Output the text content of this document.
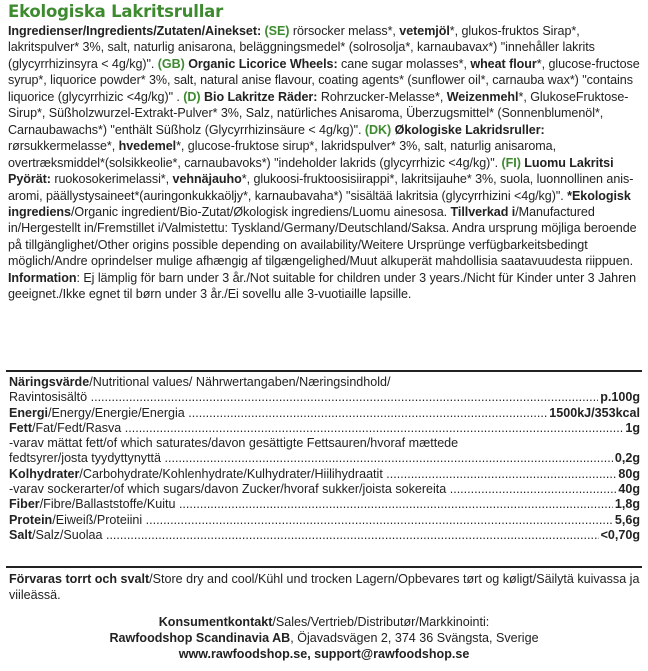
Ekologiska Lakritsrullar

Ingredienser/Ingredients/Zutaten/Ainekset: (SE) rörsocker melass*, vetemjöl*, glukos-fruktos Sirap*, lakritspulver* 3%, salt, naturlig anisarona, beläggningsmedel* (solrosolja*, karnaubavax*) "innehåller lakrits (glycyrrhizinsyra < 4g/kg)". (GB) Organic Licorice Wheels: cane sugar molasses*, wheat flour*, glucose-fructose syrup*, liquorice powder* 3%, salt, natural anise flavour, coating agents* (sunflower oil*, carnauba wax*) "contains liquorice (glycyrrhizic <4g/kg)" . (D) Bio Lakritze Räder: Rohrzucker-Melasse*, Weizenmehl*, GlukoseFruktose-Sirup*, Süßholzwurzel-Extrakt-Pulver* 3%, Salz, natürliches Anisaroma, Überzugsmittel* (Sonnenblumenöl*, Carnaubawachs*) "enthält Süßholz (Glycyrrhizinsäure < 4g/kg)". (DK) Økologiske Lakridsruller: rørsukkermelasse*, hvedemel*, glucose-fruktose sirup*, lakridspulver* 3%, salt, naturlig anisaroma, overtræksmiddel*(solsikkeolie*, carnaubavoks*) "indeholder lakrids (glycyrrhizic <4g/kg)". (FI) Luomu Lakritsi Pyörät: ruokosokerimelassi*, vehnäjauho*, glukoosi-fruktoosisiirappi*, lakritsijauhe* 3%, suola, luonnollinen anis-aromi, päällystysaineet*(auringonkukkaöljy*, karnaubavaha*) "sisältää lakritsia (glycyrrhizini <4g/kg)". *Ekologisk ingrediens/Organic ingredient/Bio-Zutat/Økologisk ingrediens/Luomu ainesosa. Tillverkad i/Manufactured in/Hergestellt in/Fremstillet i/Valmistettu: Tyskland/Germany/Deutschland/Saksa. Andra ursprung möjliga beroende på tillgänglighet/Other origins possible depending on availability/Weitere Ursprünge verfügbarkeitsbedingt möglich/Andre oprindelser mulige afhængig af tilgængelighed/Muut alkuperät mahdollisia saatavuudesta riippuen. Information: Ej lämplig för barn under 3 år./Not suitable for children under 3 years./Nicht für Kinder unter 3 Jahren geeignet./Ikke egnet til børn under 3 år./Ei sovellu alle 3-vuotiaille lapsille.

Näringsvärde/Nutritional values/ Nährwertangaben/Næringsindhold/
Ravintosisältö .....	p.100g
Energi/Energy/Energie/Energia .....	1500kJ/353kcal
Fett/Fat/Fedt/Rasva .....	1g
-varav mättat fett/of which saturates/davon gesättigte Fettsauren/hvoraf mættede
fedtsyrer/josta tyydyttynyttä .....	0,2g
Kolhydrater/Carbohydrate/Kohlenhydrate/Kulhydrater/Hiilihydraatit .....	80g
-varav sockerarter/of which sugars/davon Zucker/hvoraf sukker/joista sokereita .....	40g
Fiber/Fibre/Ballaststoffe/Kuitu .....	1,8g
Protein/Eiweiß/Proteiini .....	5,6g
Salt/Salz/Suolaa .....	<0,70g
Förvaras torrt och svalt/Store dry and cool/Kühl und trocken Lagern/Opbevares tørt og køligt/Säilytä kuivassa ja viileässä.
Konsumentkontakt/Sales/Vertrieb/Distributør/Markkinointi:
Rawfoodshop Scandinavia AB, Öjavadsvägen 2, 374 36 Svängsta, Sverige
www.rawfoodshop.se, support@rawfoodshop.se
